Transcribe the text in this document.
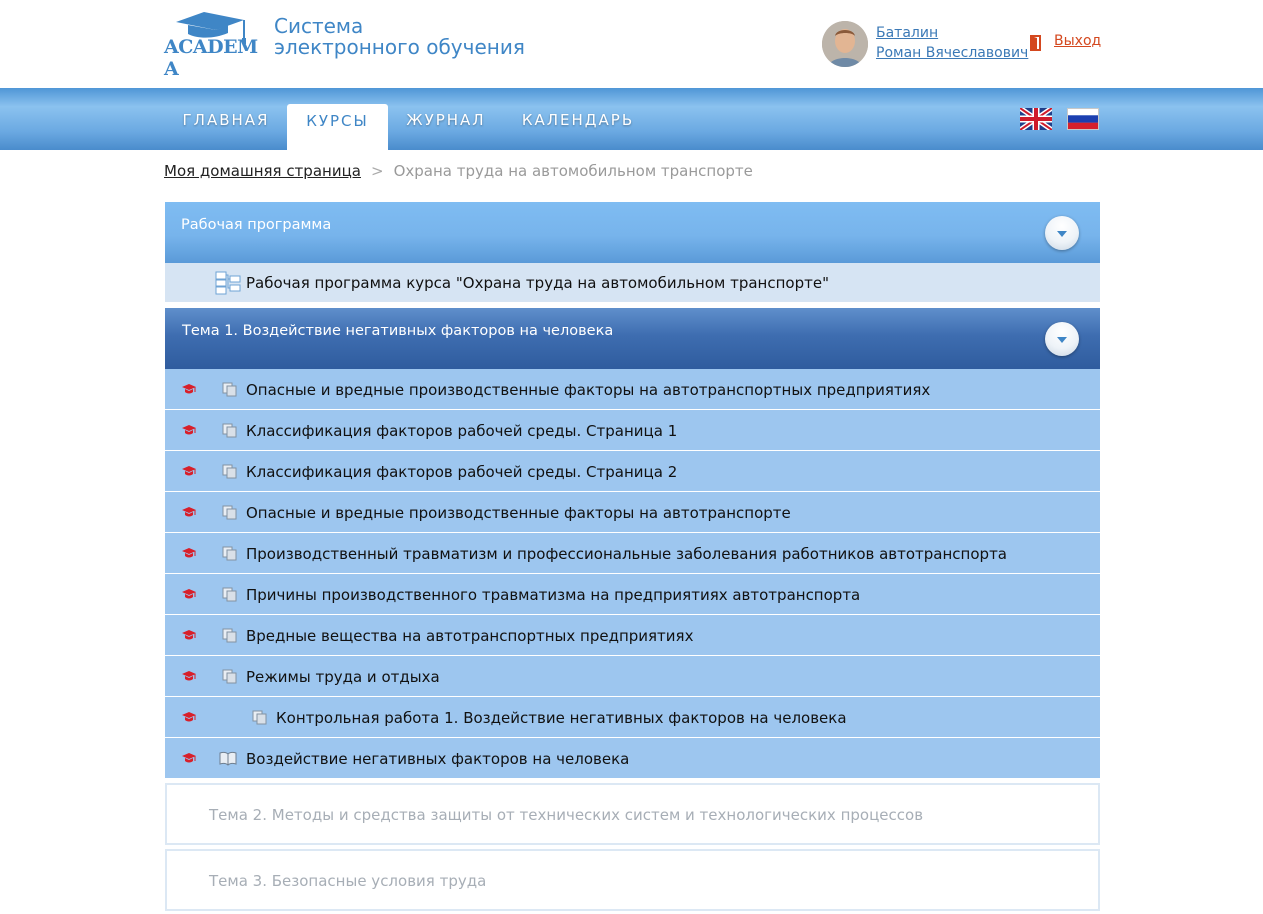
ACADEM A
Система
электронного обучения
Баталин
Роман Вячеславович
Выход
ГЛАВНАЯ	КУРСЫ	ЖУРНАЛ	КАЛЕНДАРЬ
Моя домашняя страница > Охрана труда на автомобильном транспорте
Рабочая программа
Рабочая программа курса "Охрана труда на автомобильном транспорте"
Тема 1. Воздействие негативных факторов на человека
Опасные и вредные производственные факторы на автотранспортных предприятиях
Классификация факторов рабочей среды. Страница 1
Классификация факторов рабочей среды. Страница 2
Опасные и вредные производственные факторы на автотранспорте
Производственный травматизм и профессиональные заболевания работников автотранспорта
Причины производственного травматизма на предприятиях автотранспорта
Вредные вещества на автотранспортных предприятиях
Режимы труда и отдыха
Контрольная работа 1. Воздействие негативных факторов на человека
Воздействие негативных факторов на человека
Тема 2. Методы и средства защиты от технических систем и технологических процессов
Тема 3. Безопасные условия труда
